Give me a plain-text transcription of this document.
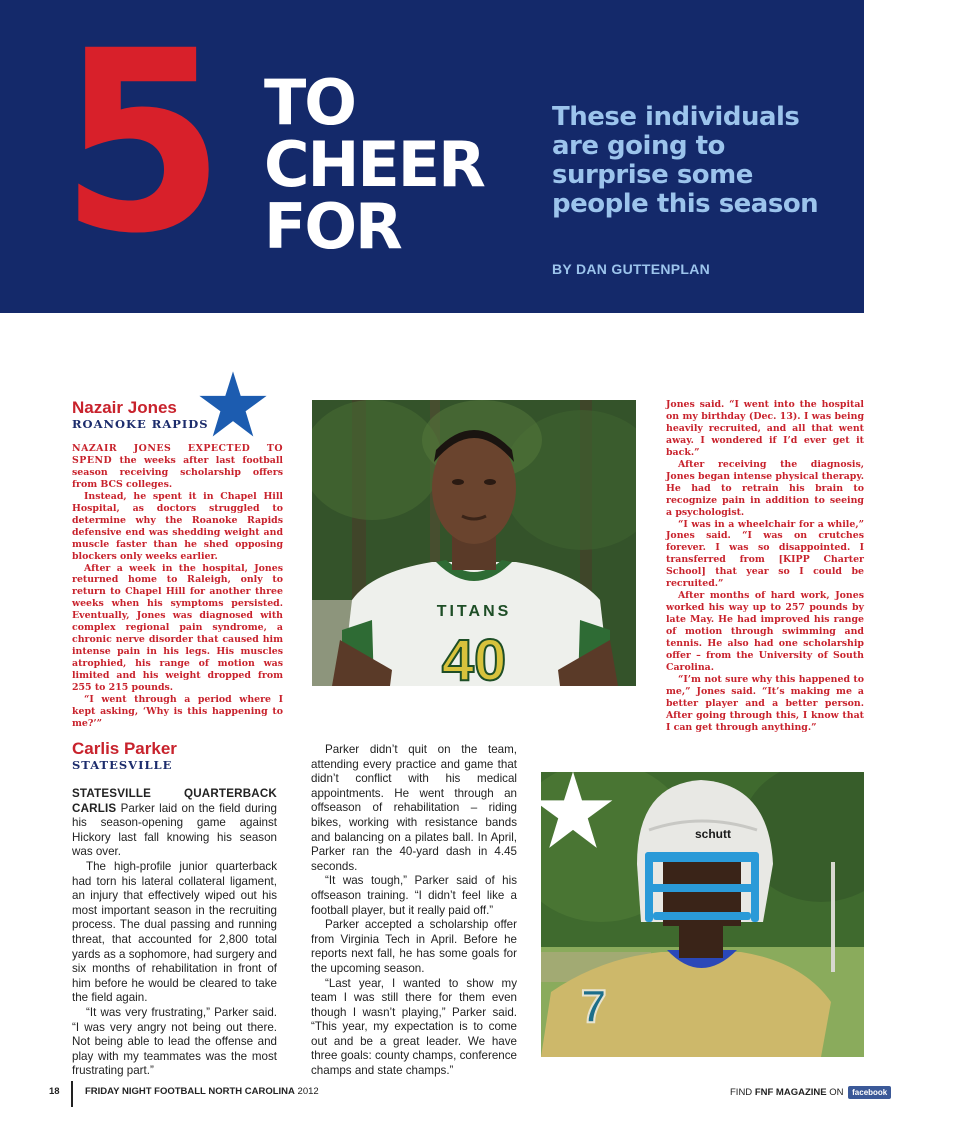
5 TO
CHEER
FOR
These individuals are going to surprise some people this season
BY DAN GUTTENPLAN
Nazair Jones
ROANOKE RAPIDS

NAZAIR JONES EXPECTED TO SPEND the weeks after last football season receiving scholarship offers from BCS colleges.

Instead, he spent it in Chapel Hill Hospital, as doctors struggled to determine why the Roanoke Rapids defensive end was shedding weight and muscle faster than he shed opposing blockers only weeks earlier.

After a week in the hospital, Jones returned home to Raleigh, only to return to Chapel Hill for another three weeks when his symptoms persisted. Eventually, Jones was diagnosed with complex regional pain syndrome, a chronic nerve disorder that caused him intense pain in his legs. His muscles atrophied, his range of motion was limited and his weight dropped from 255 to 215 pounds.

“I went through a period where I kept asking, ‘Why is this happening to me?’”

TITANS
40

Jones said. “I went into the hospital on my birthday (Dec. 13). I was being heavily recruited, and all that went away. I wondered if I’d ever get it back.”

After receiving the diagnosis, Jones began intense physical therapy. He had to retrain his brain to recognize pain in addition to seeing a psychologist.

“I was in a wheelchair for a while,” Jones said. “I was on crutches forever. I was so disappointed. I transferred from [KIPP Charter School] that year so I could be recruited.”

After months of hard work, Jones worked his way up to 257 pounds by late May. He had improved his range of motion through swimming and tennis. He also had one scholarship offer – from the University of South Carolina.

“I’m not sure why this happened to me,” Jones said. “It’s making me a better player and a better person. After going through this, I know that I can get through anything.”

Carlis Parker
STATESVILLE

STATESVILLE QUARTERBACK CARLIS Parker laid on the field during his season-opening game against Hickory last fall knowing his season was over.

The high-profile junior quarterback had torn his lateral collateral ligament, an injury that effectively wiped out his most important season in the recruiting process. The dual passing and running threat, that accounted for 2,800 total yards as a sophomore, had surgery and six months of rehabilitation in front of him before he would be cleared to take the field again.

“It was very frustrating,” Parker said. “I was very angry not being out there. Not being able to lead the offense and play with my teammates was the most frustrating part.”

Parker didn’t quit on the team, attending every practice and game that didn’t conflict with his medical appointments. He went through an offseason of rehabilitation – riding bikes, working with resistance bands and balancing on a pilates ball. In April, Parker ran the 40-yard dash in 4.45 seconds.

“It was tough,” Parker said of his offseason training. “I didn’t feel like a football player, but it really paid off.”

Parker accepted a scholarship offer from Virginia Tech in April. Before he reports next fall, he has some goals for the upcoming season.

“Last year, I wanted to show my team I was still there for them even though I wasn’t playing,” Parker said. “This year, my expectation is to come out and be a great leader. We have three goals: county champs, conference champs and state champs.”

7
schutt
18	FRIDAY NIGHT FOOTBALL NORTH CAROLINA 2012	FIND FNF MAGAZINE ON facebook
